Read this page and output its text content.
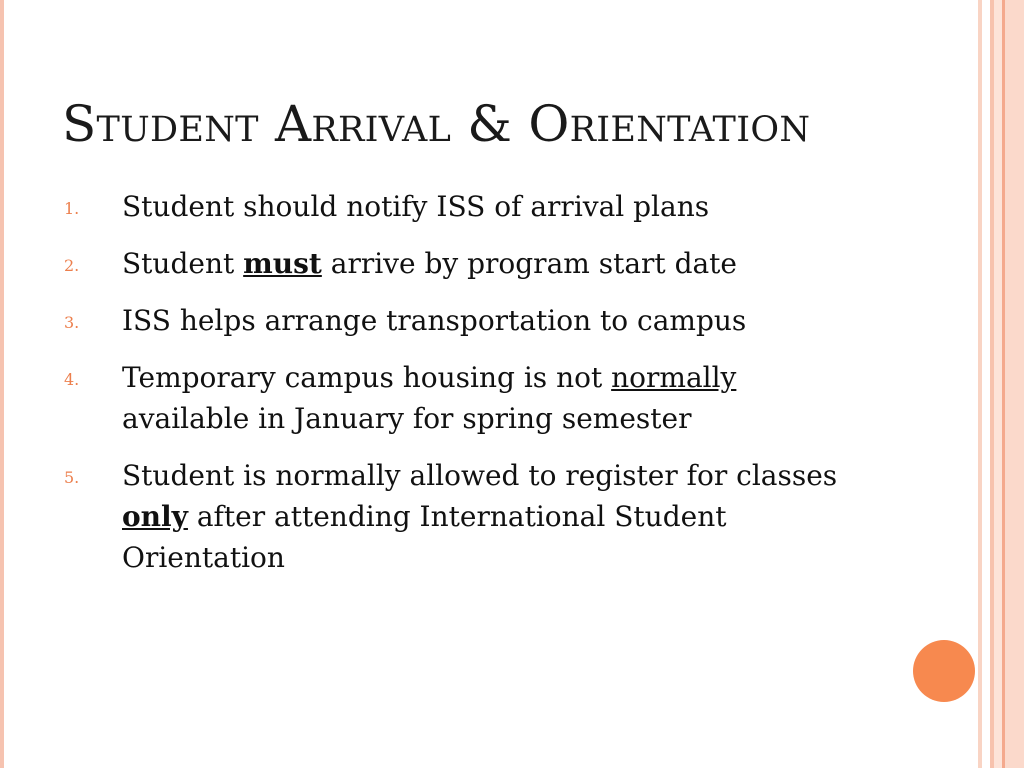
Student Arrival & Orientation
1. Student should notify ISS of arrival plans
2. Student must arrive by program start date
3. ISS helps arrange transportation to campus
4. Temporary campus housing is not normally available in January for spring semester
5. Student is normally allowed to register for classes only after attending International Student Orientation
